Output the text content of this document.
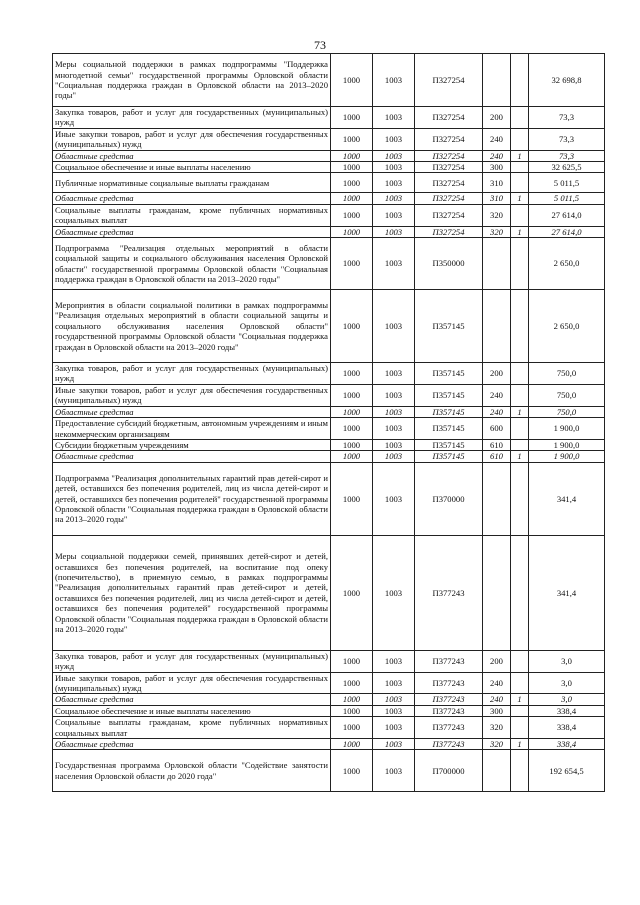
73
Меры социальной поддержки в рамках подпрограммы "Поддержка многодетной семьи" государственной программы Орловской области "Социальная поддержка граждан в Орловской области на 2013–2020 годы"	1000	1003	П327254			32 698,8
Закупка товаров, работ и услуг для государственных (муниципальных) нужд	1000	1003	П327254	200		73,3
Иные закупки товаров, работ и услуг для обеспечения государственных (муниципальных) нужд	1000	1003	П327254	240		73,3
Областные средства	1000	1003	П327254	240	1	73,3
Социальное обеспечение и иные выплаты населению	1000	1003	П327254	300		32 625,5
Публичные нормативные социальные выплаты гражданам	1000	1003	П327254	310		5 011,5
Областные средства	1000	1003	П327254	310	1	5 011,5
Социальные выплаты гражданам, кроме публичных нормативных социальных выплат	1000	1003	П327254	320		27 614,0
Областные средства	1000	1003	П327254	320	1	27 614,0
Подпрограмма "Реализация отдельных мероприятий в области социальной защиты и социального обслуживания населения Орловской области" государственной программы Орловской области "Социальная поддержка граждан в Орловской области на 2013–2020 годы"	1000	1003	П350000			2 650,0
Мероприятия в области социальной политики в рамках подпрограммы "Реализация отдельных мероприятий в области социальной защиты и социального обслуживания населения Орловской области" государственной программы Орловской области "Социальная поддержка граждан в Орловской области на 2013–2020 годы"	1000	1003	П357145			2 650,0
Закупка товаров, работ и услуг для государственных (муниципальных) нужд	1000	1003	П357145	200		750,0
Иные закупки товаров, работ и услуг для обеспечения государственных (муниципальных) нужд	1000	1003	П357145	240		750,0
Областные средства	1000	1003	П357145	240	1	750,0
Предоставление субсидий бюджетным, автономным учреждениям и иным некоммерческим организациям	1000	1003	П357145	600		1 900,0
Субсидии бюджетным учреждениям	1000	1003	П357145	610		1 900,0
Областные средства	1000	1003	П357145	610	1	1 900,0
Подпрограмма "Реализация дополнительных гарантий прав детей-сирот и детей, оставшихся без попечения родителей, лиц из числа детей-сирот и детей, оставшихся без попечения родителей" государственной программы Орловской области "Социальная поддержка граждан в Орловской области на 2013–2020 годы"	1000	1003	П370000			341,4
Меры социальной поддержки семей, принявших детей-сирот и детей, оставшихся без попечения родителей, на воспитание под опеку (попечительство), в приемную семью, в рамках подпрограммы "Реализация дополнительных гарантий прав детей-сирот и детей, оставшихся без попечения родителей, лиц из числа детей-сирот и детей, оставшихся без попечения родителей" государственной программы Орловской области "Социальная поддержка граждан в Орловской области на 2013–2020 годы"	1000	1003	П377243			341,4
Закупка товаров, работ и услуг для государственных (муниципальных) нужд	1000	1003	П377243	200		3,0
Иные закупки товаров, работ и услуг для обеспечения государственных (муниципальных) нужд	1000	1003	П377243	240		3,0
Областные средства	1000	1003	П377243	240	1	3,0
Социальное обеспечение и иные выплаты населению	1000	1003	П377243	300		338,4
Социальные выплаты гражданам, кроме публичных нормативных социальных выплат	1000	1003	П377243	320		338,4
Областные средства	1000	1003	П377243	320	1	338,4
Государственная программа Орловской области "Содействие занятости населения Орловской области до 2020 года"	1000	1003	П700000			192 654,5
